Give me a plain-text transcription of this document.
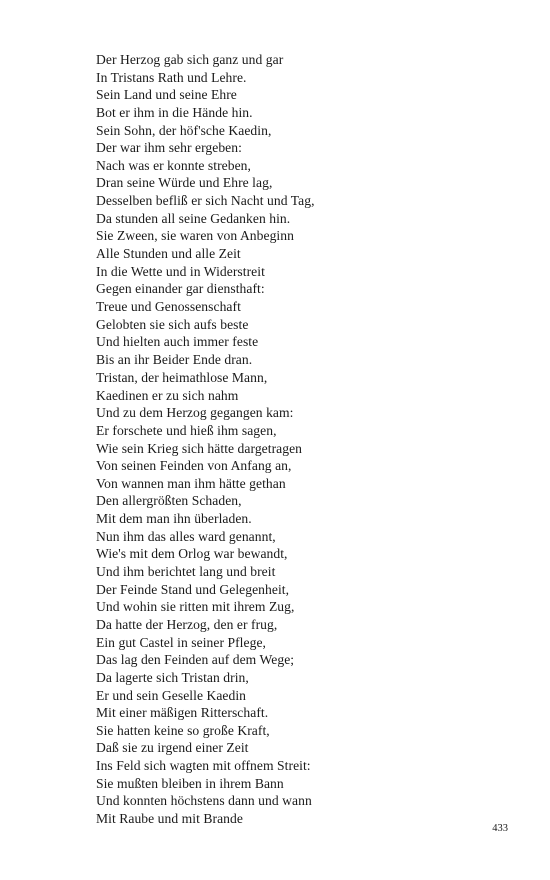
Der Herzog gab sich ganz und gar
In Tristans Rath und Lehre.
Sein Land und seine Ehre
Bot er ihm in die Hände hin.
Sein Sohn, der höf'sche Kaedin,
Der war ihm sehr ergeben:
Nach was er konnte streben,
Dran seine Würde und Ehre lag,
Desselben befliß er sich Nacht und Tag,
Da stunden all seine Gedanken hin.
Sie Zween, sie waren von Anbeginn
Alle Stunden und alle Zeit
In die Wette und in Widerstreit
Gegen einander gar diensthaft:
Treue und Genossenschaft
Gelobten sie sich aufs beste
Und hielten auch immer feste
Bis an ihr Beider Ende dran.
Tristan, der heimathlose Mann,
Kaedinen er zu sich nahm
Und zu dem Herzog gegangen kam:
Er forschete und hieß ihm sagen,
Wie sein Krieg sich hätte dargetragen
Von seinen Feinden von Anfang an,
Von wannen man ihm hätte gethan
Den allergrößten Schaden,
Mit dem man ihn überladen.
Nun ihm das alles ward genannt,
Wie's mit dem Orlog war bewandt,
Und ihm berichtet lang und breit
Der Feinde Stand und Gelegenheit,
Und wohin sie ritten mit ihrem Zug,
Da hatte der Herzog, den er frug,
Ein gut Castel in seiner Pflege,
Das lag den Feinden auf dem Wege;
Da lagerte sich Tristan drin,
Er und sein Geselle Kaedin
Mit einer mäßigen Ritterschaft.
Sie hatten keine so große Kraft,
Daß sie zu irgend einer Zeit
Ins Feld sich wagten mit offnem Streit:
Sie mußten bleiben in ihrem Bann
Und konnten höchstens dann und wann
Mit Raube und mit Brande
433
